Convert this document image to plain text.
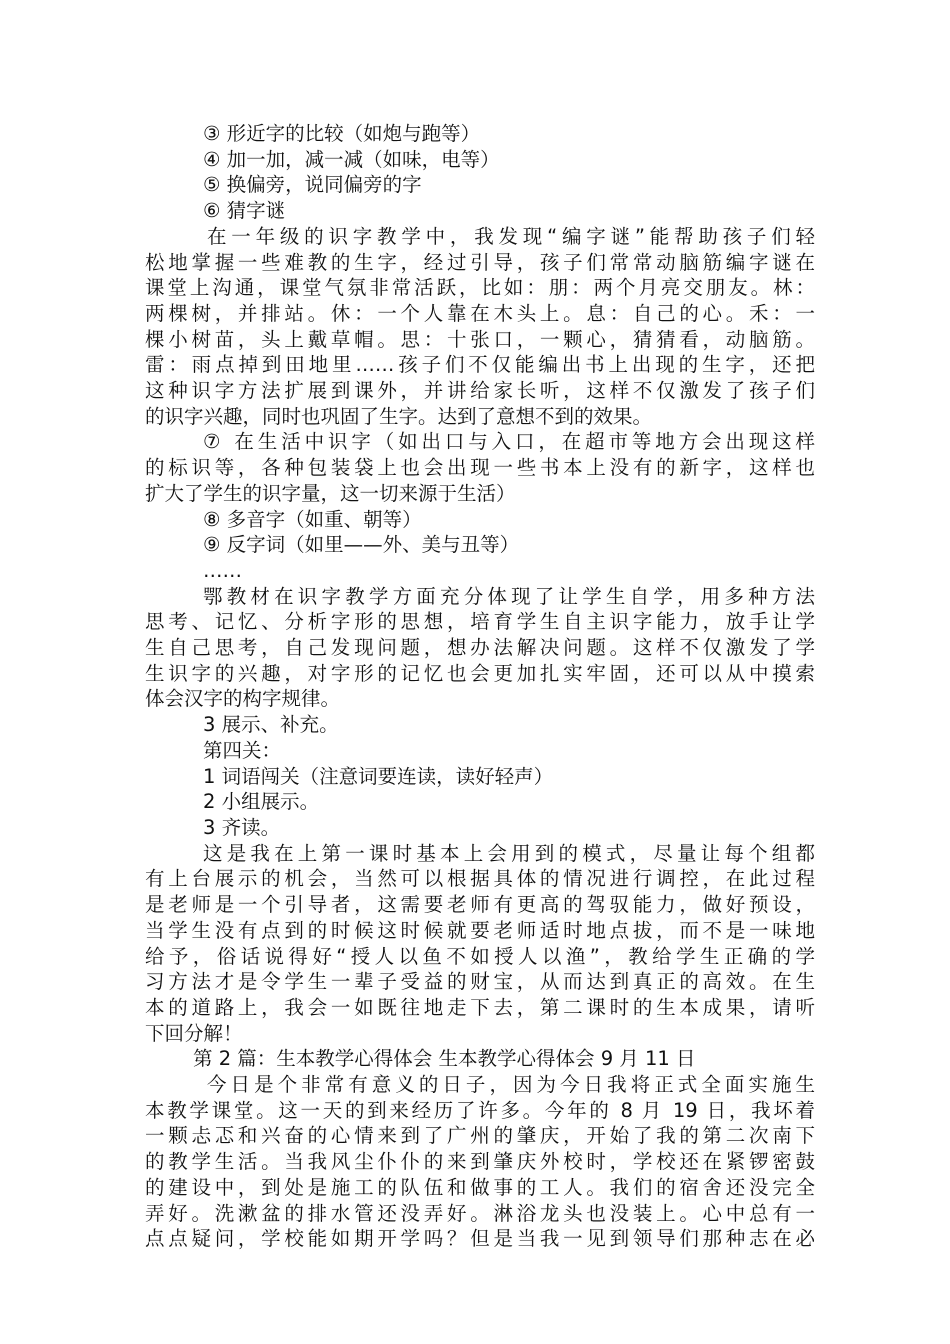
③ 形近字的比较（如炮与跑等）
④ 加一加，减一减（如味，电等）
⑤ 换偏旁，说同偏旁的字
⑥ 猜字谜
在一年级的识字教学中，我发现“编字谜”能帮助孩子们轻
松地掌握一些难教的生字，经过引导，孩子们常常动脑筋编字谜在
课堂上沟通，课堂气氛非常活跃，比如：朋：两个月亮交朋友。林：
两棵树，并排站。休：一个人靠在木头上。息：自己的心。禾：一
棵小树苗，头上戴草帽。思：十张口，一颗心，猜猜看，动脑筋。
雷：雨点掉到田地里……孩子们不仅能编出书上出现的生字，还把
这种识字方法扩展到课外，并讲给家长听，这样不仅激发了孩子们
的识字兴趣，同时也巩固了生字。达到了意想不到的效果。
⑦ 在生活中识字（如出口与入口，在超市等地方会出现这样
的标识等，各种包装袋上也会出现一些书本上没有的新字，这样也
扩大了学生的识字量，这一切来源于生活）
⑧ 多音字（如重、朝等）
⑨ 反字词（如里——外、美与丑等）
……
鄂教材在识字教学方面充分体现了让学生自学，用多种方法
思考、记忆、分析字形的思想，培育学生自主识字能力，放手让学
生自己思考，自己发现问题，想办法解决问题。这样不仅激发了学
生识字的兴趣，对字形的记忆也会更加扎实牢固，还可以从中摸索
体会汉字的构字规律。
3 展示、补充。
第四关：
1 词语闯关（注意词要连读，读好轻声）
2 小组展示。
3 齐读。
这是我在上第一课时基本上会用到的模式，尽量让每个组都
有上台展示的机会，当然可以根据具体的情况进行调控，在此过程
是老师是一个引导者，这需要老师有更高的驾驭能力，做好预设，
当学生没有点到的时候这时候就要老师适时地点拔，而不是一味地
给予，俗话说得好“授人以鱼不如授人以渔”，教给学生正确的学
习方法才是令学生一辈子受益的财宝，从而达到真正的高效。在生
本的道路上，我会一如既往地走下去，第二课时的生本成果，请听
下回分解！
第 2 篇：生本教学心得体会 生本教学心得体会 9 月 11 日
今日是个非常有意义的日子，因为今日我将正式全面实施生
本教学课堂。这一天的到来经历了许多。今年的 8 月 19 日，我坏着
一颗忐忑和兴奋的心情来到了广州的肇庆，开始了我的第二次南下
的教学生活。当我风尘仆仆的来到肇庆外校时，学校还在紧锣密鼓
的建设中，到处是施工的队伍和做事的工人。我们的宿舍还没完全
弄好。洗漱盆的排水管还没弄好。淋浴龙头也没装上。心中总有一
点点疑问，学校能如期开学吗？但是当我一见到领导们那种志在必
